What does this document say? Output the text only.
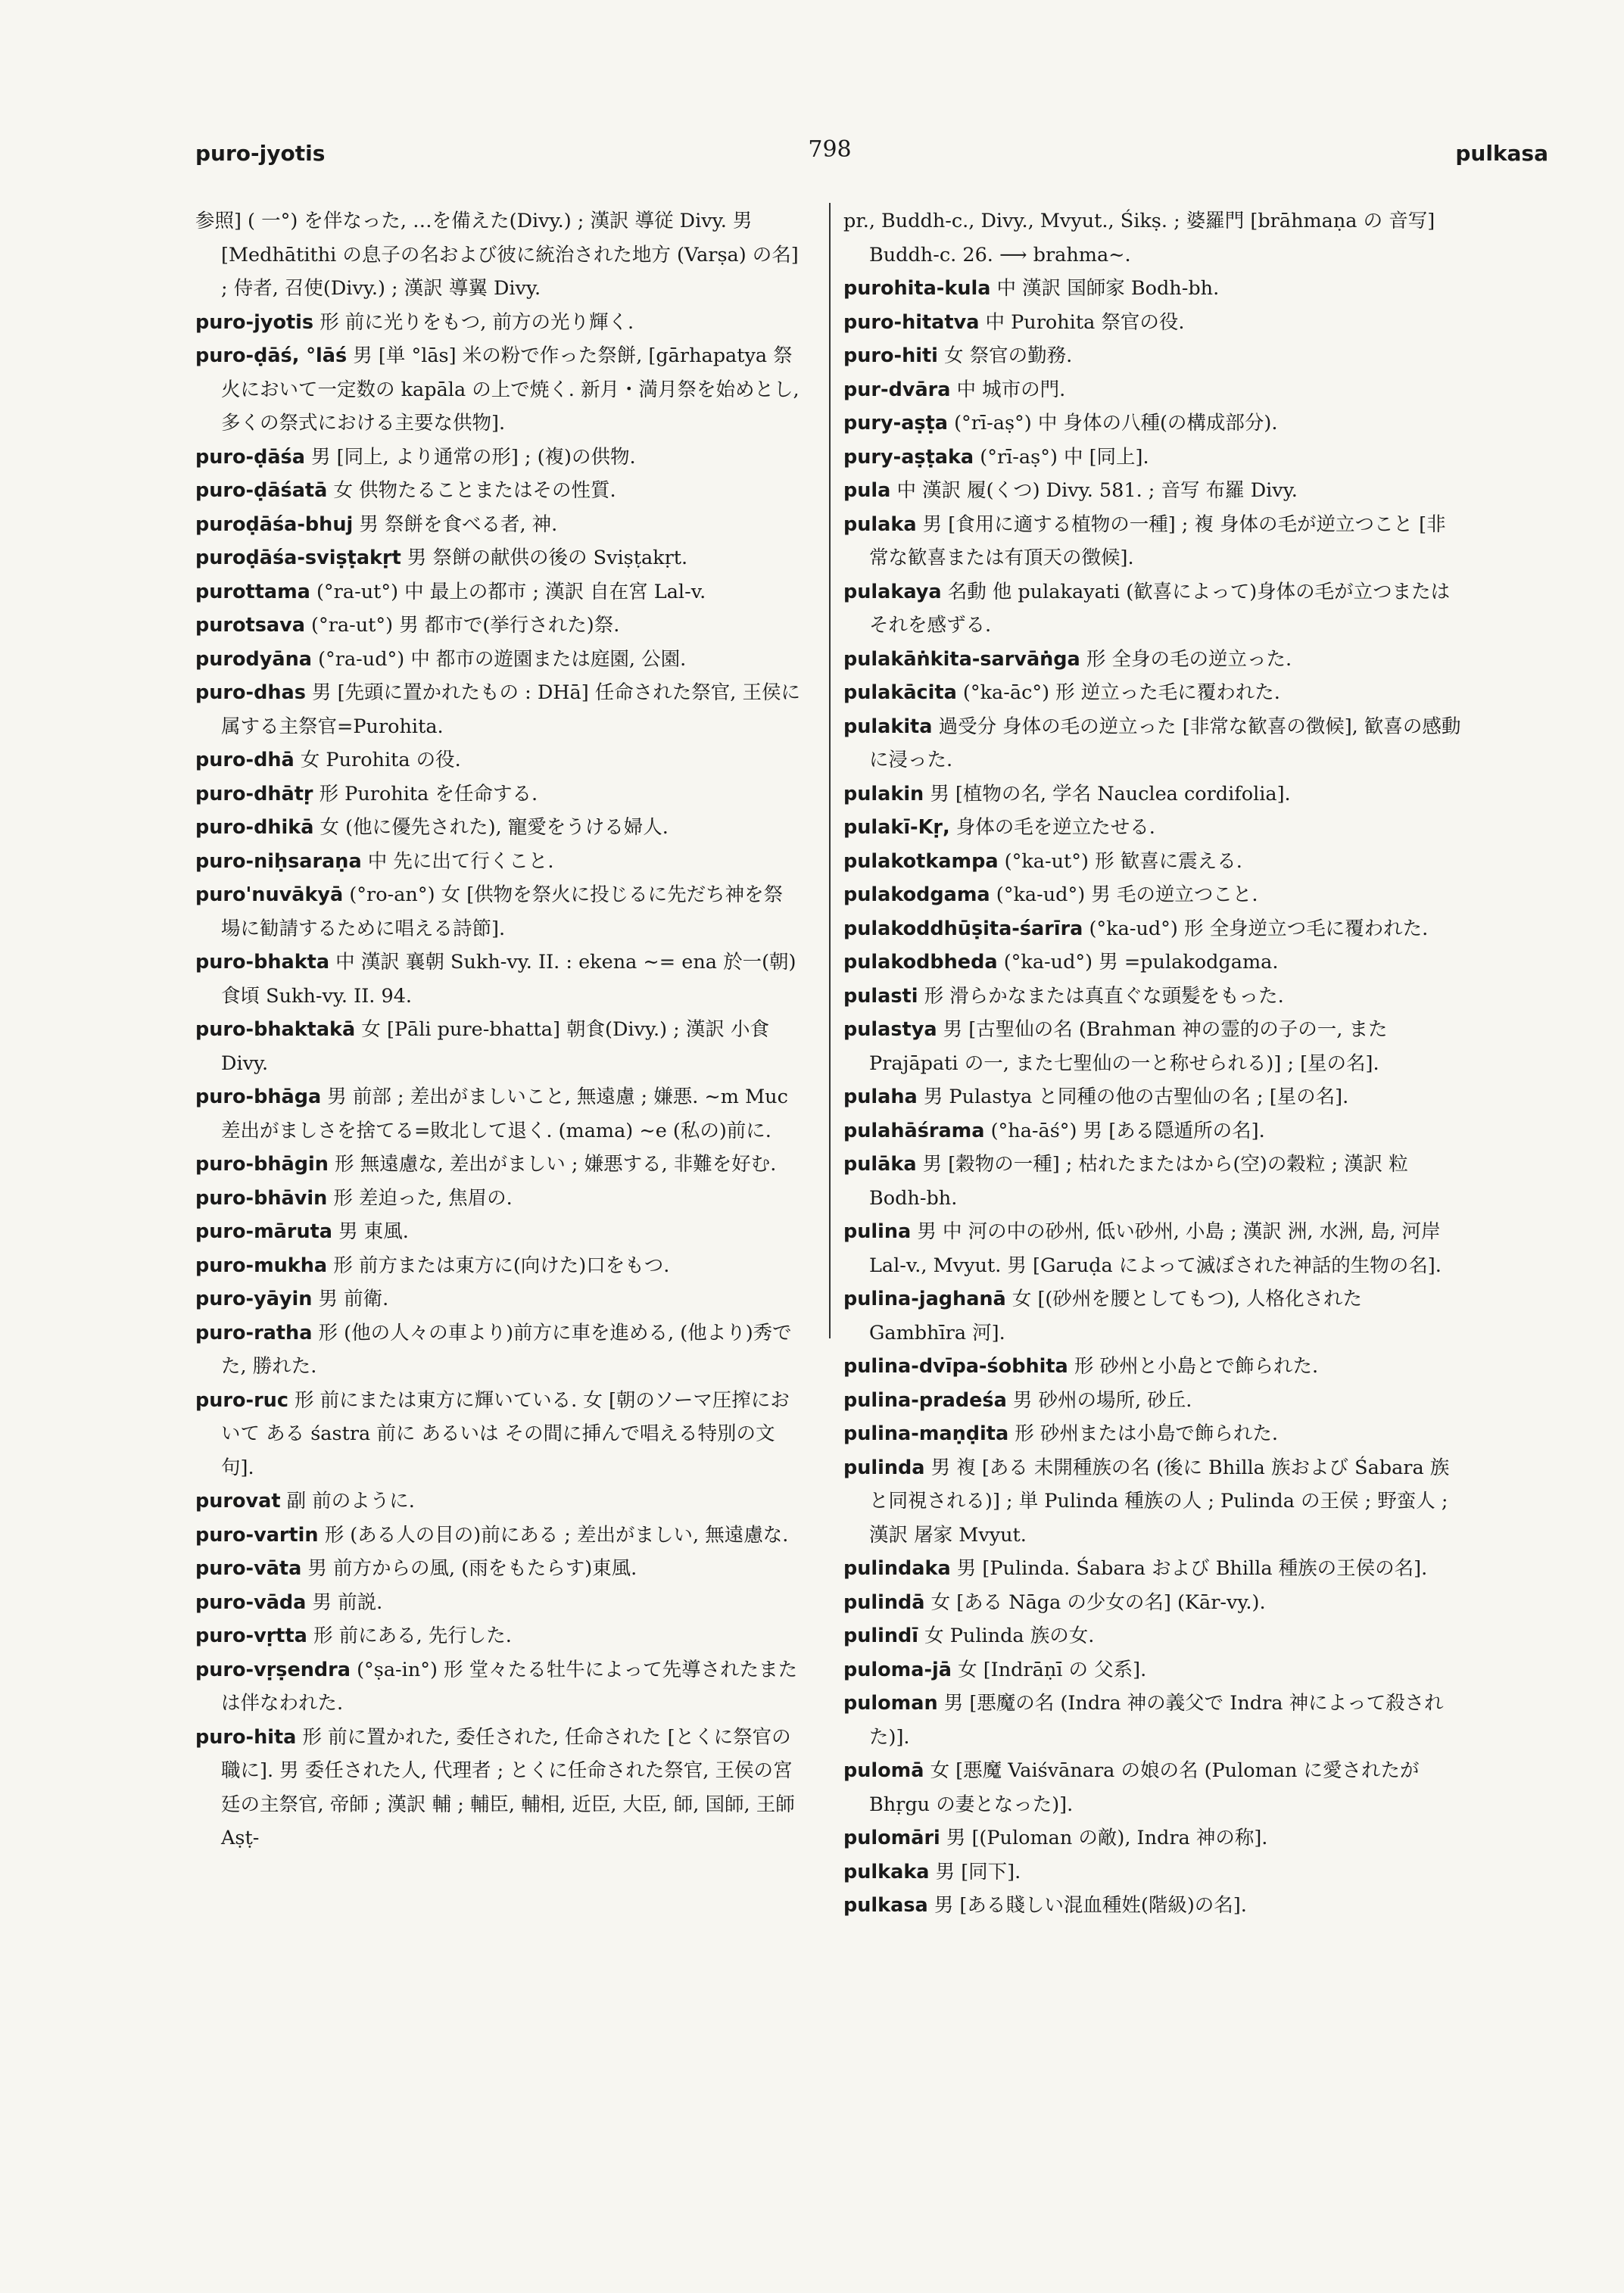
puro-jyotis	798	pulkasa
参照] ( 一°) を伴なった, …を備えた(Divy.) ; 漢訳 導従 Divy. 男 [Medhātithi の息子の名および彼に統治された地方 (Varṣa) の名] ; 侍者, 召使(Divy.) ; 漢訳 導翼 Divy.
puro-jyotis 形 前に光りをもつ, 前方の光り輝く.
puro-ḍāś, °lāś 男 [単 °lās] 米の粉で作った祭餅, [gārhapatya 祭火において一定数の kapāla の上で焼く. 新月・満月祭を始めとし, 多くの祭式における主要な供物].
puro-ḍāśa 男 [同上, より通常の形] ; (複)の供物.
puro-ḍāśatā 女 供物たることまたはその性質.
puroḍāśa-bhuj 男 祭餅を食べる者, 神.
puroḍāśa-sviṣṭakṛt 男 祭餅の献供の後の Sviṣṭakṛt.
purottama (°ra-ut°) 中 最上の都市 ; 漢訳 自在宮 Lal-v.
purotsava (°ra-ut°) 男 都市で(挙行された)祭.
purodyāna (°ra-ud°) 中 都市の遊園または庭園, 公園.
puro-dhas 男 [先頭に置かれたもの : DHā] 任命された祭官, 王侯に属する主祭官=Purohita.
puro-dhā 女 Purohita の役.
puro-dhātṛ 形 Purohita を任命する.
puro-dhikā 女 (他に優先された), 寵愛をうける婦人.
puro-niḥsaraṇa 中 先に出て行くこと.
puro'nuvākyā (°ro-an°) 女 [供物を祭火に投じるに先だち神を祭場に勧請するために唱える詩節].
puro-bhakta 中 漢訳 襄朝 Sukh-vy. II. : ekena ∼= ena 於一(朝)食頃 Sukh-vy. II. 94.
puro-bhaktakā 女 [Pāli pure-bhatta] 朝食(Divy.) ; 漢訳 小食 Divy.
puro-bhāga 男 前部 ; 差出がましいこと, 無遠慮 ; 嫌悪. ∼m Muc 差出がましさを捨てる=敗北して退く. (mama) ∼e (私の)前に.
puro-bhāgin 形 無遠慮な, 差出がましい ; 嫌悪する, 非難を好む.
puro-bhāvin 形 差迫った, 焦眉の.
puro-māruta 男 東風.
puro-mukha 形 前方または東方に(向けた)口をもつ.
puro-yāyin 男 前衛.
puro-ratha 形 (他の人々の車より)前方に車を進める, (他より)秀でた, 勝れた.
puro-ruc 形 前にまたは東方に輝いている. 女 [朝のソーマ圧搾において ある śastra 前に あるいは その間に挿んで唱える特別の文句].
purovat 副 前のように.
puro-vartin 形 (ある人の目の)前にある ; 差出がましい, 無遠慮な.
puro-vāta 男 前方からの風, (雨をもたらす)東風.
puro-vāda 男 前説.
puro-vṛtta 形 前にある, 先行した.
puro-vṛṣendra (°ṣa-in°) 形 堂々たる牡牛によって先導されたまたは伴なわれた.
puro-hita 形 前に置かれた, 委任された, 任命された [とくに祭官の職に]. 男 委任された人, 代理者 ; とくに任命された祭官, 王侯の宮廷の主祭官, 帝師 ; 漢訳 輔 ; 輔臣, 輔相, 近臣, 大臣, 師, 国師, 王師 Aṣṭ-
pr., Buddh-c., Divy., Mvyut., Śikṣ. ; 婆羅門 [brāhmaṇa の 音写] Buddh-c. 26. ⟶ brahma∼.
purohita-kula 中 漢訳 国師家 Bodh-bh.
puro-hitatva 中 Purohita 祭官の役.
puro-hiti 女 祭官の勤務.
pur-dvāra 中 城市の門.
pury-aṣṭa (°rī-aṣ°) 中 身体の八種(の構成部分).
pury-aṣṭaka (°rī-aṣ°) 中 [同上].
pula 中 漢訳 履(くつ) Divy. 581. ; 音写 布羅 Divy.
pulaka 男 [食用に適する植物の一種] ; 複 身体の毛が逆立つこと [非常な歓喜または有頂天の徴候].
pulakaya 名動 他 pulakayati (歓喜によって)身体の毛が立つまたはそれを感ずる.
pulakāṅkita-sarvāṅga 形 全身の毛の逆立った.
pulakācita (°ka-āc°) 形 逆立った毛に覆われた.
pulakita 過受分 身体の毛の逆立った [非常な歓喜の徴候], 歓喜の感動に浸った.
pulakin 男 [植物の名, 学名 Nauclea cordifolia].
pulakī-Kṛ, 身体の毛を逆立たせる.
pulakotkampa (°ka-ut°) 形 歓喜に震える.
pulakodgama (°ka-ud°) 男 毛の逆立つこと.
pulakoddhūṣita-śarīra (°ka-ud°) 形 全身逆立つ毛に覆われた.
pulakodbheda (°ka-ud°) 男 =pulakodgama.
pulasti 形 滑らかなまたは真直ぐな頭髪をもった.
pulastya 男 [古聖仙の名 (Brahman 神の霊的の子の一, また Prajāpati の一, また七聖仙の一と称せられる)] ; [星の名].
pulaha 男 Pulastya と同種の他の古聖仙の名 ; [星の名].
pulahāśrama (°ha-āś°) 男 [ある隠遁所の名].
pulāka 男 [穀物の一種] ; 枯れたまたはから(空)の穀粒 ; 漢訳 粒 Bodh-bh.
pulina 男 中 河の中の砂州, 低い砂州, 小島 ; 漢訳 洲, 水洲, 島, 河岸 Lal-v., Mvyut. 男 [Garuḍa によって滅ぼされた神話的生物の名].
pulina-jaghanā 女 [(砂州を腰としてもつ), 人格化された Gambhīra 河].
pulina-dvīpa-śobhita 形 砂州と小島とで飾られた.
pulina-pradeśa 男 砂州の場所, 砂丘.
pulina-maṇḍita 形 砂州または小島で飾られた.
pulinda 男 複 [ある 未開種族の名 (後に Bhilla 族および Śabara 族と同視される)] ; 単 Pulinda 種族の人 ; Pulinda の王侯 ; 野蛮人 ; 漢訳 屠家 Mvyut.
pulindaka 男 [Pulinda. Śabara および Bhilla 種族の王侯の名].
pulindā 女 [ある Nāga の少女の名] (Kār-vy.).
pulindī 女 Pulinda 族の女.
puloma-jā 女 [Indrāṇī の 父系].
puloman 男 [悪魔の名 (Indra 神の義父で Indra 神によって殺された)].
pulomā 女 [悪魔 Vaiśvānara の娘の名 (Puloman に愛されたが Bhṛgu の妻となった)].
pulomāri 男 [(Puloman の敵), Indra 神の称].
pulkaka 男 [同下].
pulkasa 男 [ある賤しい混血種姓(階級)の名].
